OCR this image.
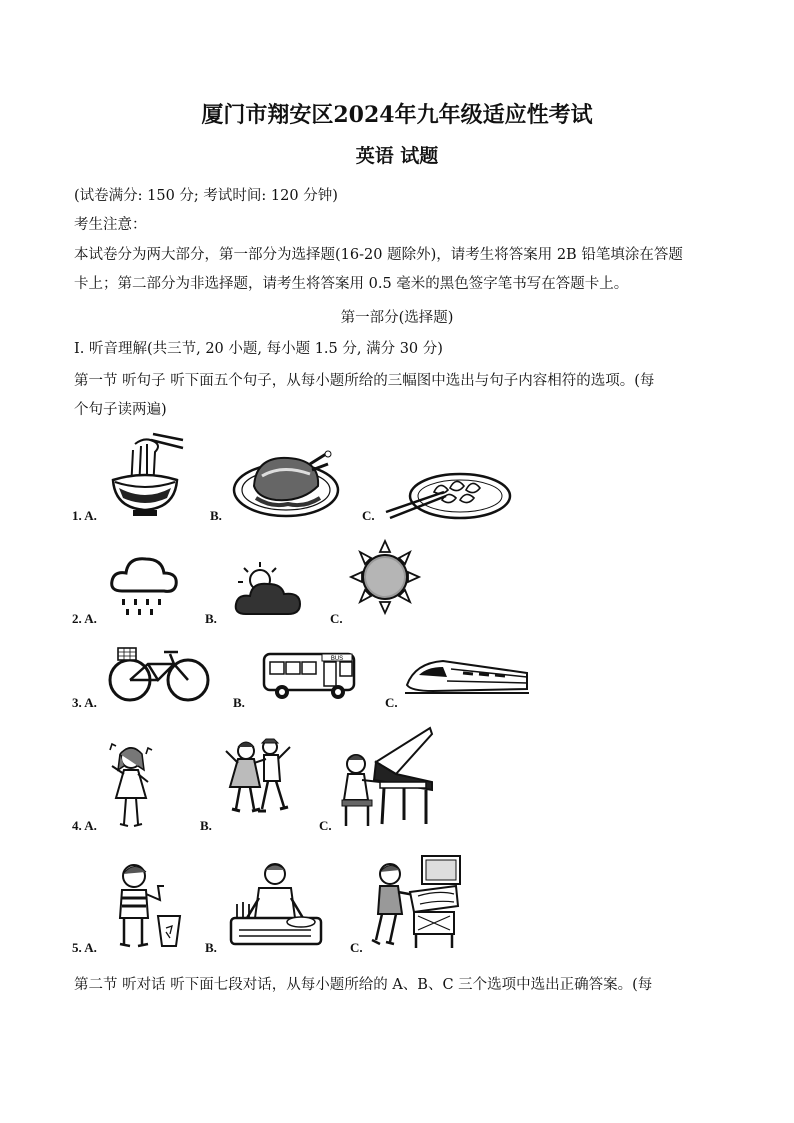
厦门市翔安区2024年九年级适应性考试
英语 试题
(试卷满分: 150 分; 考试时间: 120 分钟)
考生注意：
本试卷分为两大部分，第一部分为选择题(16-20 题除外)，请考生将答案用 2B 铅笔填涂在答题
卡上；第二部分为非选择题，请考生将答案用 0.5 毫米的黑色签字笔书写在答题卡上。
第一部分(选择题)
Ⅰ. 听音理解(共三节, 20 小题, 每小题 1.5 分, 满分 30 分)
第一节 听句子 听下面五个句子，从每小题所给的三幅图中选出与句子内容相符的选项。(每
个句子读两遍)
1. A.	B.	C.
2. A.	B.	C.
3. A.	B.	C.
BUS
4. A.	B.	C.
5. A.	B.	C.
第二节 听对话 听下面七段对话，从每小题所给的 A、B、C 三个选项中选出正确答案。(每
